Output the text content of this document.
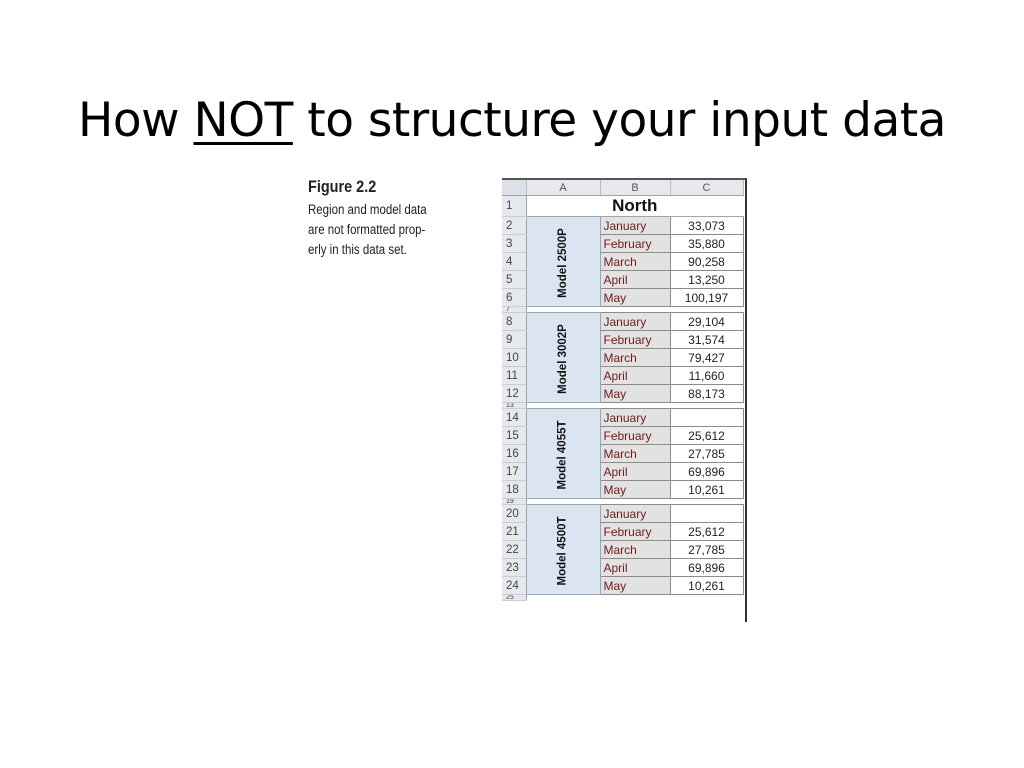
How NOT to structure your input data
Figure 2.2
Region and model data
are not formatted prop-
erly in this data set.
	A	B	C
1	North		
2	Model 2500P	January	33,073
3		February	35,880
4		March	90,258
5		April	13,250
6		May	100,197
7			
8	Model 3002P	January	29,104
9		February	31,574
10		March	79,427
11		April	11,660
12		May	88,173
13			
14	Model 4055T	January	
15		February	25,612
16		March	27,785
17		April	69,896
18		May	10,261
19			
20	Model 4500T	January	
21		February	25,612
22		March	27,785
23		April	69,896
24		May	10,261
25			
